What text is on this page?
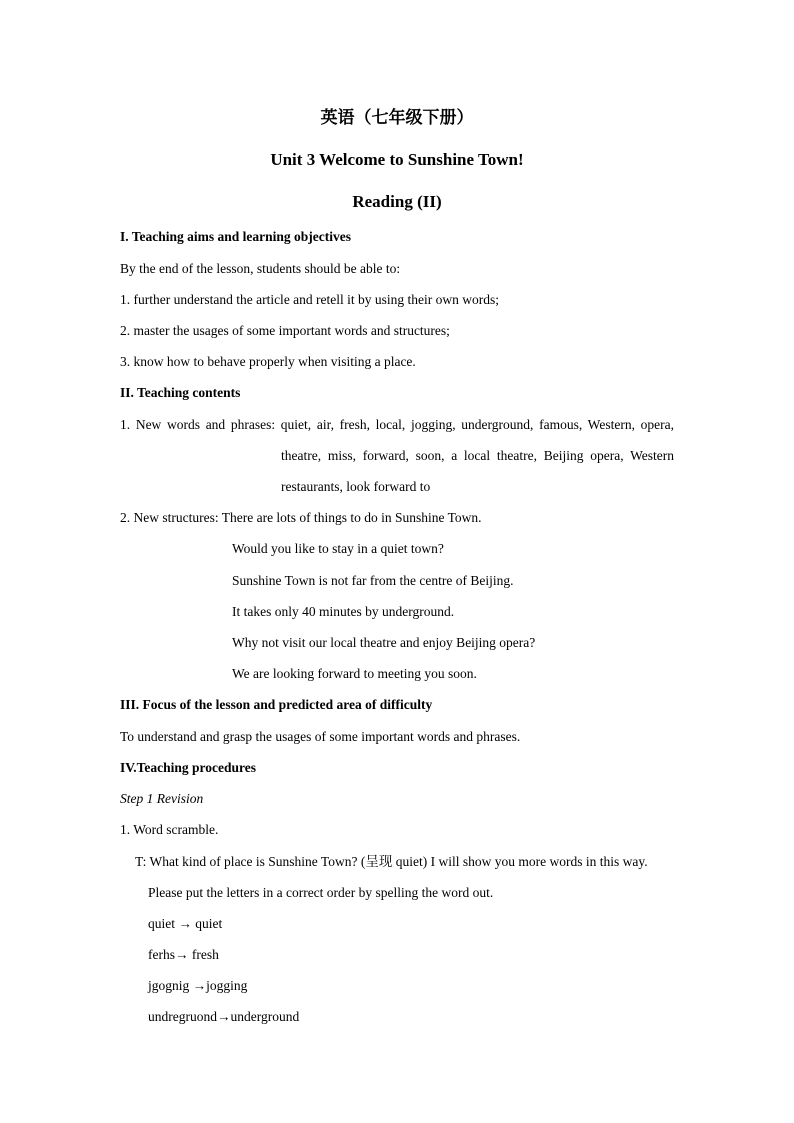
英语（七年级下册）
Unit 3 Welcome to Sunshine Town!
Reading (II)
I. Teaching aims and learning objectives
By the end of the lesson, students should be able to:
1. further understand the article and retell it by using their own words;
2. master the usages of some important words and structures;
3. know how to behave properly when visiting a place.
II. Teaching contents
1. New words and phrases: quiet, air, fresh, local, jogging, underground, famous, Western, opera,
theatre, miss, forward, soon, a local theatre, Beijing opera, Western
restaurants, look forward to
2. New structures: There are lots of things to do in Sunshine Town.
Would you like to stay in a quiet town?
Sunshine Town is not far from the centre of Beijing.
It takes only 40 minutes by underground.
Why not visit our local theatre and enjoy Beijing opera?
We are looking forward to meeting you soon.
III. Focus of the lesson and predicted area of difficulty
To understand and grasp the usages of some important words and phrases.
IV.Teaching procedures
Step 1 Revision
1. Word scramble.
T: What kind of place is Sunshine Town? (呈现 quiet) I will show you more words in this way.
Please put the letters in a correct order by spelling the word out.
quiet → quiet
ferhs→ fresh
jgognig →jogging
undregruond→underground
